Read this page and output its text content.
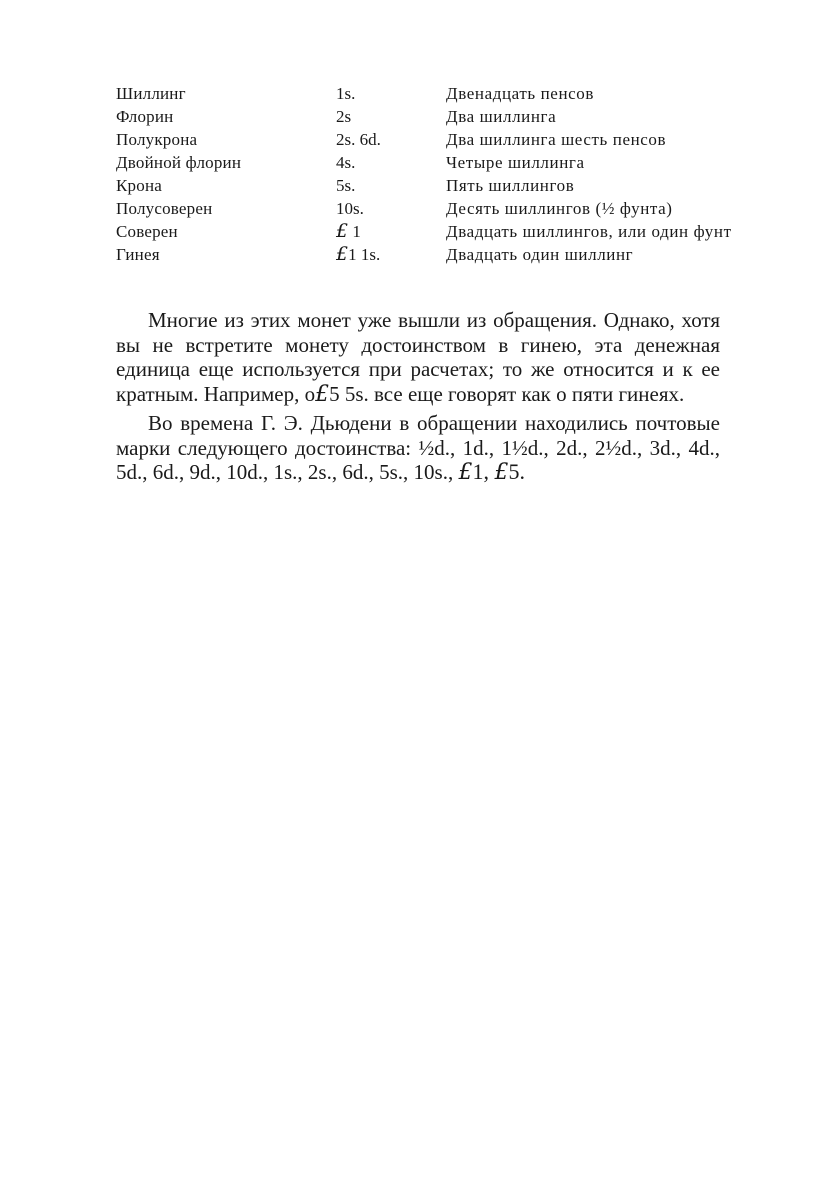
Шиллинг	1s.	Двенадцать пенсов
Флорин	2s	Два шиллинга
Полукрона	2s. 6d.	Два шиллинга шесть пенсов
Двойной флорин	4s.	Четыре шиллинга
Крона	5s.	Пять шиллингов
Полусоверен	10s.	Десять шиллингов (½ фунта)
Соверен	£ 1	Двадцать шиллингов, или один фунт
Гинея	£1 1s.	Двадцать один шиллинг

Многие из этих монет уже вышли из обращения. Однако, хотя вы не встретите монету достоинством в гинею, эта денежная единица еще используется при расчетах; то же относится и к ее кратным. Например, о£5 5s. все еще говорят как о пяти гинеях.

Во времена Г. Э. Дьюдени в обращении находились почтовые марки следующего достоинства: ½d., 1d., 1½d., 2d., 2½d., 3d., 4d., 5d., 6d., 9d., 10d., 1s., 2s., 6d., 5s., 10s., £1, £5.
